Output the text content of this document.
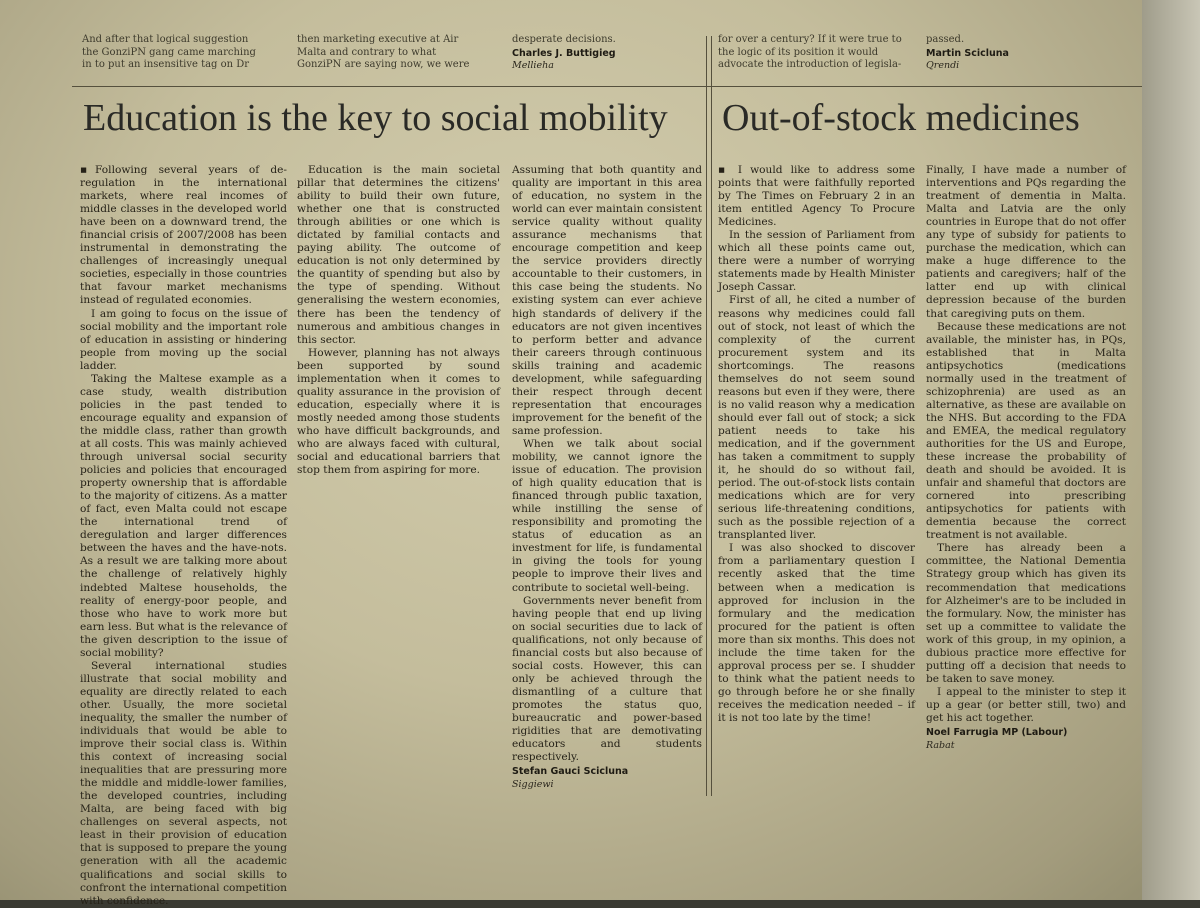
And after that logical suggestion
the GonziPN gang came marching
in to put an insensitive tag on Dr
then marketing executive at Air
Malta and contrary to what
GonziPN are saying now, we were
desperate decisions.
Charles J. Buttigieg
Mellieha
for over a century? If it were true to
the logic of its position it would
advocate the introduction of legisla-
passed.
Martin Scicluna
Qrendi
Education is the key to social mobility Out-of-stock medicines

▪Following several years of de-regulation in the international markets, where real incomes of middle classes in the developed world have been on a downward trend, the financial crisis of 2007/2008 has been instrumental in demonstrating the challenges of increasingly unequal societies, especially in those countries that favour market mechanisms instead of regulated economies.

I am going to focus on the issue of social mobility and the important role of education in assisting or hindering people from moving up the social ladder.

Taking the Maltese example as a case study, wealth distribution policies in the past tended to encourage equality and expansion of the middle class, rather than growth at all costs. This was mainly achieved through universal social security policies and policies that encouraged property ownership that is affordable to the majority of citizens. As a matter of fact, even Malta could not escape the international trend of deregulation and larger differences between the haves and the have-nots. As a result we are talking more about the challenge of relatively highly indebted Maltese households, the reality of energy-poor people, and those who have to work more but earn less. But what is the relevance of the given description to the issue of social mobility?

Several international studies illustrate that social mobility and equality are directly related to each other. Usually, the more societal inequality, the smaller the number of individuals that would be able to improve their social class is. Within this context of increasing social inequalities that are pressuring more the middle and middle-lower families, the developed countries, including Malta, are being faced with big challenges on several aspects, not least in their provision of education that is supposed to prepare the young generation with all the academic qualifications and social skills to confront the international competition with confidence.

Education is the main societal pillar that determines the citizens' ability to build their own future, whether one that is constructed through abilities or one which is dictated by familial contacts and paying ability. The outcome of education is not only determined by the quantity of spending but also by the type of spending. Without generalising the western economies, there has been the tendency of numerous and ambitious changes in this sector.

However, planning has not always been supported by sound implementation when it comes to quality assurance in the provision of education, especially where it is mostly needed among those students who have difficult backgrounds, and who are always faced with cultural, social and educational barriers that stop them from aspiring for more.

Assuming that both quantity and quality are important in this area of education, no system in the world can ever maintain consistent service quality without quality assurance mechanisms that encourage competition and keep the service providers directly accountable to their customers, in this case being the students. No existing system can ever achieve high standards of delivery if the educators are not given incentives to perform better and advance their careers through continuous skills training and academic development, while safeguarding their respect through decent representation that encourages improvement for the benefit of the same profession.

When we talk about social mobility, we cannot ignore the issue of education. The provision of high quality education that is financed through public taxation, while instilling the sense of responsibility and promoting the status of education as an investment for life, is fundamental in giving the tools for young people to improve their lives and contribute to societal well-being.

Governments never benefit from having people that end up living on social securities due to lack of qualifications, not only because of financial costs but also because of social costs. However, this can only be achieved through the dismantling of a culture that promotes the status quo, bureaucratic and power-based rigidities that are demotivating educators and students respectively.

Stefan Gauci Scicluna
Siggiewi

▪ I would like to address some points that were faithfully reported by The Times on February 2 in an item entitled Agency To Procure Medicines.

In the session of Parliament from which all these points came out, there were a number of worrying statements made by Health Minister Joseph Cassar.

First of all, he cited a number of reasons why medicines could fall out of stock, not least of which the complexity of the current procurement system and its shortcomings. The reasons themselves do not seem sound reasons but even if they were, there is no valid reason why a medication should ever fall out of stock; a sick patient needs to take his medication, and if the government has taken a commitment to supply it, he should do so without fail, period. The out-of-stock lists contain medications which are for very serious life-threatening conditions, such as the possible rejection of a transplanted liver.

I was also shocked to discover from a parliamentary question I recently asked that the time between when a medication is approved for inclusion in the formulary and the medication procured for the patient is often more than six months. This does not include the time taken for the approval process per se. I shudder to think what the patient needs to go through before he or she finally receives the medication needed – if it is not too late by the time!

Finally, I have made a number of interventions and PQs regarding the treatment of dementia in Malta. Malta and Latvia are the only countries in Europe that do not offer any type of subsidy for patients to purchase the medication, which can make a huge difference to the patients and caregivers; half of the latter end up with clinical depression because of the burden that caregiving puts on them.

Because these medications are not available, the minister has, in PQs, established that in Malta antipsychotics (medications normally used in the treatment of schizophrenia) are used as an alternative, as these are available on the NHS. But according to the FDA and EMEA, the medical regulatory authorities for the US and Europe, these increase the probability of death and should be avoided. It is unfair and shameful that doctors are cornered into prescribing antipsychotics for patients with dementia because the correct treatment is not available.

There has already been a committee, the National Dementia Strategy group which has given its recommendation that medications for Alzheimer's are to be included in the formulary. Now, the minister has set up a committee to validate the work of this group, in my opinion, a dubious practice more effective for putting off a decision that needs to be taken to save money.

I appeal to the minister to step it up a gear (or better still, two) and get his act together.

Noel Farrugia MP (Labour)
Rabat
